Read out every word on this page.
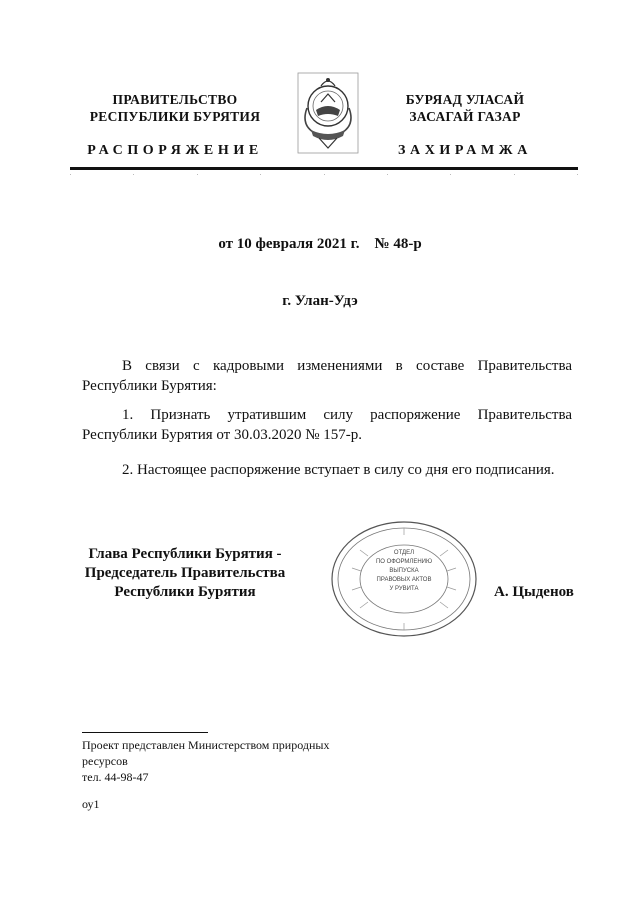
ПРАВИТЕЛЬСТВО
РЕСПУБЛИКИ БУРЯТИЯ
РАСПОРЯЖЕНИЕ
БУРЯАД УЛАСАЙ
ЗАСАГАЙ ГАЗАР
ЗАХИРАМЖА
от 10 февраля 2021 г.    № 48-р
г. Улан-Удэ

В связи с кадровыми изменениями в составе Правительства Республики Бурятия:

1. Признать утратившим силу распоряжение Правительства Республики Бурятия от 30.03.2020 № 157-р.

2. Настоящее распоряжение вступает в силу со дня его подписания.

Глава Республики Бурятия -
Председатель Правительства
Республики Бурятия
ОТДЕЛ
ПО ОФОРМЛЕНИЮ
ВЫПУСКА
ПРАВОВЫХ АКТОВ
У РУВИТА	А. Цыденов
Проект представлен Министерством природных
ресурсов
тел. 44-98-47
оу1
